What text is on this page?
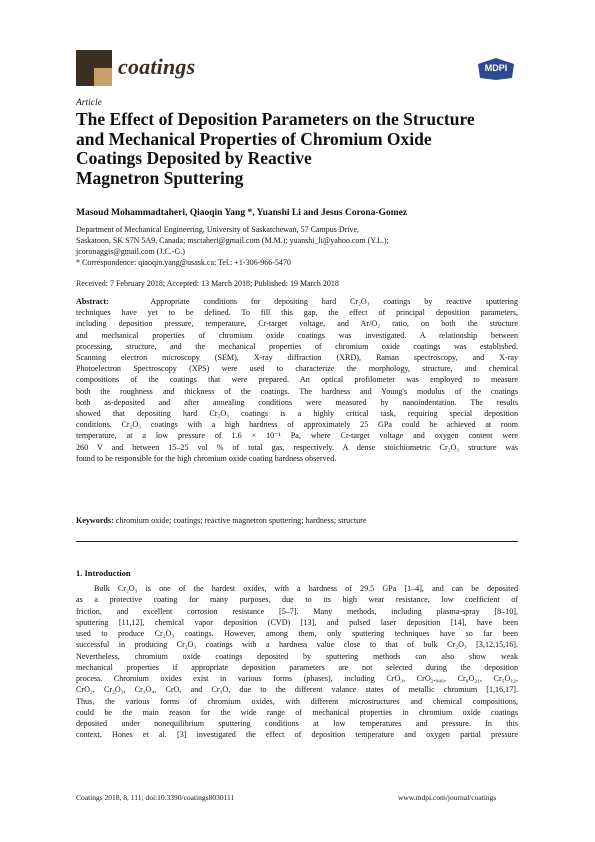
coatings	MDPI
Article
The Effect of Deposition Parameters on the Structure
and Mechanical Properties of Chromium Oxide
Coatings Deposited by Reactive
Magnetron Sputtering
Masoud Mohammadtaheri, Qiaoqin Yang *, Yuanshi Li and Jesus Corona-Gomez
Department of Mechanical Engineering, University of Saskatchewan, 57 Campus Drive,
Saskatoon, SK S7N 5A9, Canada; msctaheri@gmail.com (M.M.); yuanshi_li@yahoo.com (Y.L.);
jcoronaggis@gmail.com (J.C.-G.)
* Correspondence: qiaoqin.yang@usask.ca; Tel.: +1-306-966-5470
Received: 7 February 2018; Accepted: 13 March 2018; Published: 19 March 2018
Abstract:	Appropriate conditions for depositing hard Cr₂O₃ coatings by reactive sputtering
techniques have yet to be defined. To fill this gap, the effect of principal deposition parameters,
including deposition pressure, temperature, Cr-target voltage, and Ar/O₂ ratio, on both the structure
and mechanical properties of chromium oxide coatings was investigated. A relationship between
processing, structure, and the mechanical properties of chromium oxide coatings was established.
Scanning electron microscopy (SEM), X-ray diffraction (XRD), Raman spectroscopy, and X-ray
Photoelectron Spectroscopy (XPS) were used to characterize the morphology, structure, and chemical
compositions of the coatings that were prepared. An optical profilometer was employed to measure
both the roughness and thickness of the coatings. The hardness and Young's modulus of the coatings
both as-deposited and after annealing conditions were measured by nanoindentation. The results
showed that depositing hard Cr₂O₃ coatings is a highly critical task, requiring special deposition
conditions. Cr₂O₃ coatings with a high hardness of approximately 25 GPa could be achieved at room
temperature, at a low pressure of 1.6 × 10⁻¹ Pa, where Cr-target voltage and oxygen content were
260 V and between 15–25 vol % of total gas, respectively. A dense stoichiometric Cr₂O₃ structure was
found to be responsible for the high chromium oxide coating hardness observed.
Keywords: chromium oxide; coatings; reactive magnetron sputtering; hardness; structure
1. Introduction
Bulk Cr₂O₃ is one of the hardest oxides, with a hardness of 29.5 GPa [1–4], and can be deposited
as a protective coating for many purposes, due to its high wear resistance, low coefficient of
friction, and excellent corrosion resistance [5–7]. Many methods, including plasma-spray [8–10],
sputtering [11,12], chemical vapor deposition (CVD) [13], and pulsed laser deposition [14], have been
used to produce Cr₂O₃ coatings. However, among them, only sputtering techniques have so far been
successful in producing Cr₂O₃ coatings with a hardness value close to that of bulk Cr₂O₃ [3,12,15,16].
Nevertheless, chromium oxide coatings deposited by sputtering methods can also show weak
mechanical properties if appropriate deposition parameters are not selected during the deposition
process. Chromium oxides exist in various forms (phases), including CrO₃, CrO₂.₉₀₆, Cr₈O₂₁, Cr₅O₁₂,
CrO₂, Cr₂O₃, Cr₃O₄, CrO, and Cr₃O, due to the different valance states of metallic chromium [1,16,17].
Thus, the various forms of chromium oxides, with different microstructures and chemical compositions,
could be the main reason for the wide range of mechanical properties in chromium oxide coatings
deposited under nonequilibrium sputtering conditions at low temperatures and pressure. In this
context, Hones et al. [3] investigated the effect of deposition temperature and oxygen partial pressure
Coatings 2018, 8, 111; doi:10.3390/coatings8030111	www.mdpi.com/journal/coatings
